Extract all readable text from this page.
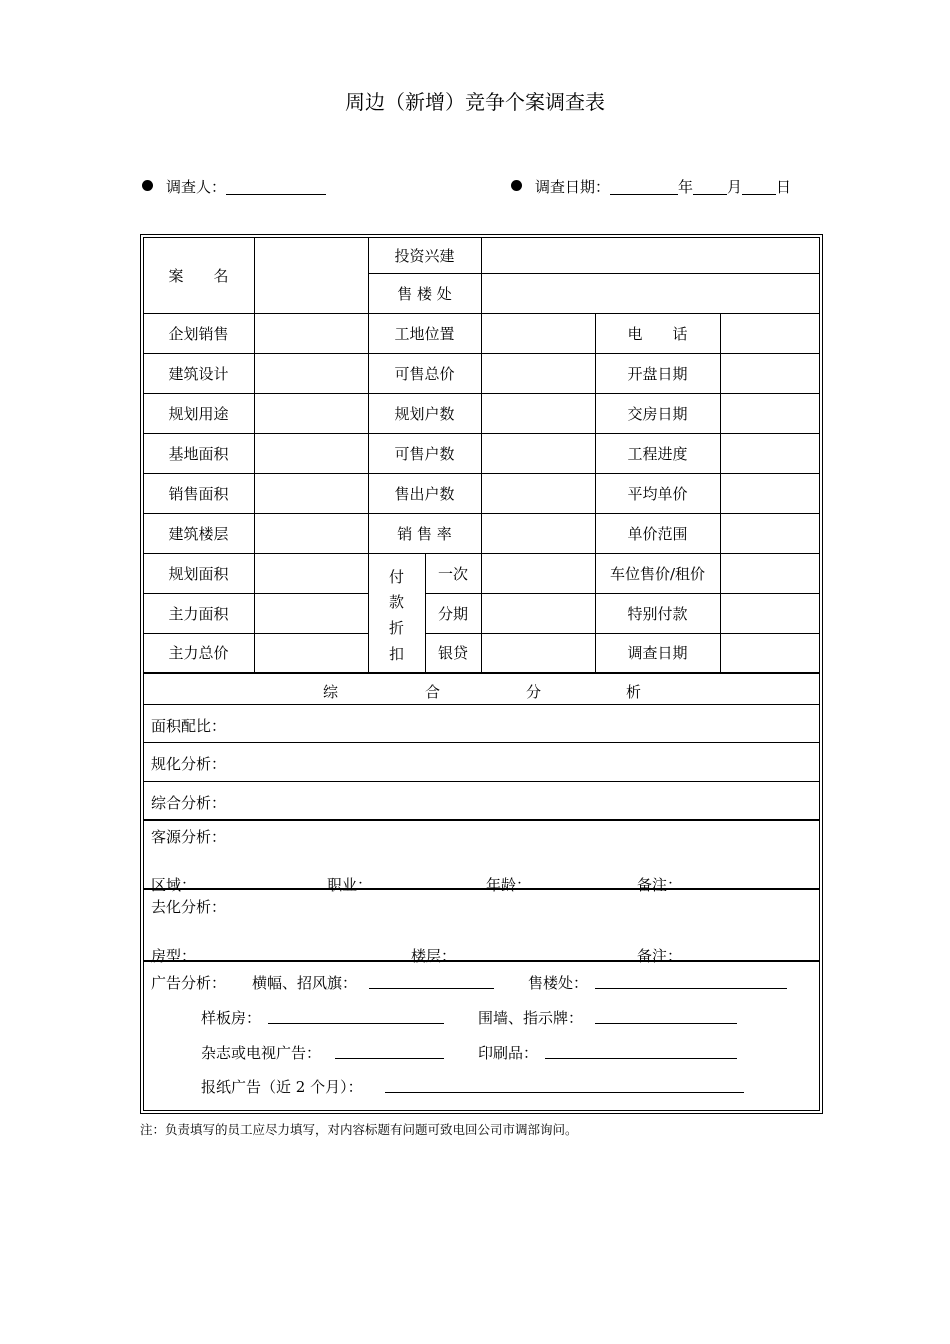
周边（新增）竞争个案调查表
调查人：	调查日期：	年 月 日
案　　名
投资兴建
售 楼 处
企划销售	工地位置	电　　话
建筑设计	可售总价	开盘日期
规划用途	规划户数	交房日期
基地面积	可售户数	工程进度
销售面积	售出户数	平均单价
建筑楼层	销 售 率	单价范围
规划面积	一次	车位售价/租价
主力面积	分期	特别付款
主力总价	银贷	调查日期
付
款
折
扣
综	合	分	析
面积配比：
规化分析：
综合分析：
客源分析：
区域：	职业：	年龄：	备注：
去化分析：
房型：	楼层：	备注：
广告分析： 横幅、招风旗：	售楼处：
样板房：	围墙、指示牌：
杂志或电视广告：	印刷品：
报纸广告（近 2 个月）：
注：负责填写的员工应尽力填写，对内容标题有问题可致电回公司市调部询问。
